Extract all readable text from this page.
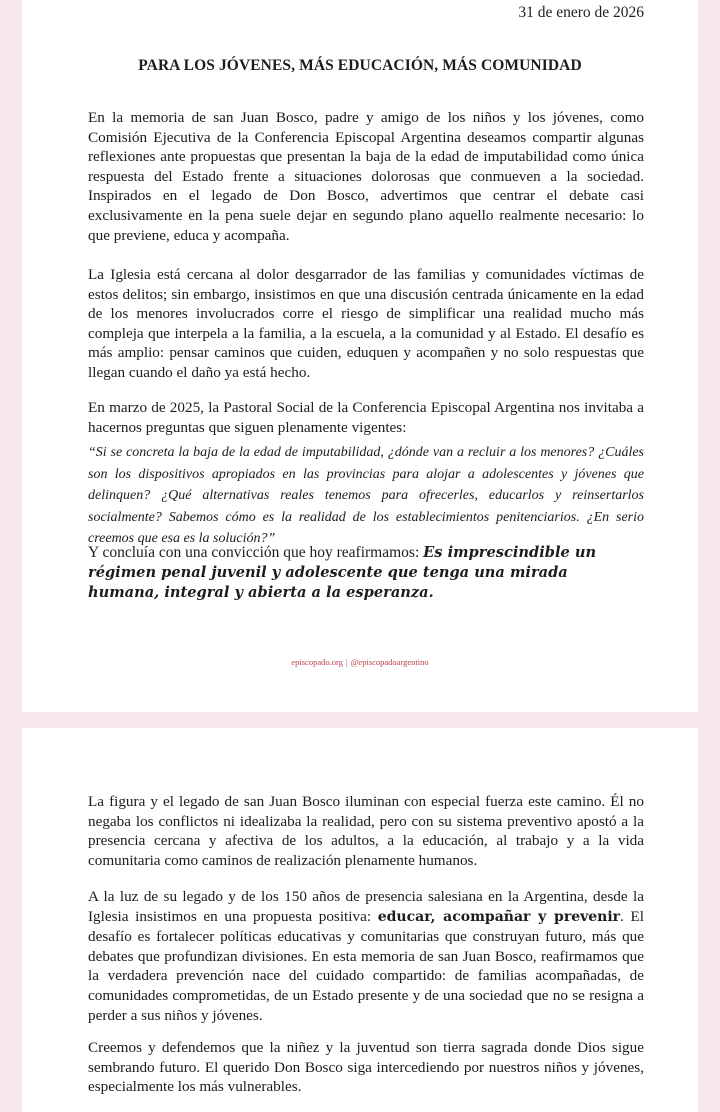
31 de enero de 2026
PARA LOS JÓVENES, MÁS EDUCACIÓN, MÁS COMUNIDAD

En la memoria de san Juan Bosco, padre y amigo de los niños y los jóvenes, como Comisión Ejecutiva de la Conferencia Episcopal Argentina deseamos compartir algunas reflexiones ante propuestas que presentan la baja de la edad de imputabilidad como única respuesta del Estado frente a situaciones dolorosas que conmueven a la sociedad. Inspirados en el legado de Don Bosco, advertimos que centrar el debate casi exclusivamente en la pena suele dejar en segundo plano aquello realmente necesario: lo que previene, educa y acompaña.

La Iglesia está cercana al dolor desgarrador de las familias y comunidades víctimas de estos delitos; sin embargo, insistimos en que una discusión centrada únicamente en la edad de los menores involucrados corre el riesgo de simplificar una realidad mucho más compleja que interpela a la familia, a la escuela, a la comunidad y al Estado. El desafío es más amplio: pensar caminos que cuiden, eduquen y acompañen y no solo respuestas que llegan cuando el daño ya está hecho.

En marzo de 2025, la Pastoral Social de la Conferencia Episcopal Argentina nos invitaba a hacernos preguntas que siguen plenamente vigentes:

“Si se concreta la baja de la edad de imputabilidad, ¿dónde van a recluir a los menores? ¿Cuáles son los dispositivos apropiados en las provincias para alojar a adolescentes y jóvenes que delinquen? ¿Qué alternativas reales tenemos para ofrecerles, educarlos y reinsertarlos socialmente? Sabemos cómo es la realidad de los establecimientos penitenciarios. ¿En serio creemos que esa es la solución?”

Y concluía con una convicción que hoy reafirmamos: Es imprescindible un régimen penal juvenil y adolescente que tenga una mirada humana, integral y abierta a la esperanza.

episcopado.org | @episcopadoargentino

La figura y el legado de san Juan Bosco iluminan con especial fuerza este camino. Él no negaba los conflictos ni idealizaba la realidad, pero con su sistema preventivo apostó a la presencia cercana y afectiva de los adultos, a la educación, al trabajo y a la vida comunitaria como caminos de realización plenamente humanos.

A la luz de su legado y de los 150 años de presencia salesiana en la Argentina, desde la Iglesia insistimos en una propuesta positiva: educar, acompañar y prevenir. El desafío es fortalecer políticas educativas y comunitarias que construyan futuro, más que debates que profundizan divisiones. En esta memoria de san Juan Bosco, reafirmamos que la verdadera prevención nace del cuidado compartido: de familias acompañadas, de comunidades comprometidas, de un Estado presente y de una sociedad que no se resigna a perder a sus niños y jóvenes.

Creemos y defendemos que la niñez y la juventud son tierra sagrada donde Dios sigue sembrando futuro. El querido Don Bosco siga intercediendo por nuestros niños y jóvenes, especialmente los más vulnerables.
